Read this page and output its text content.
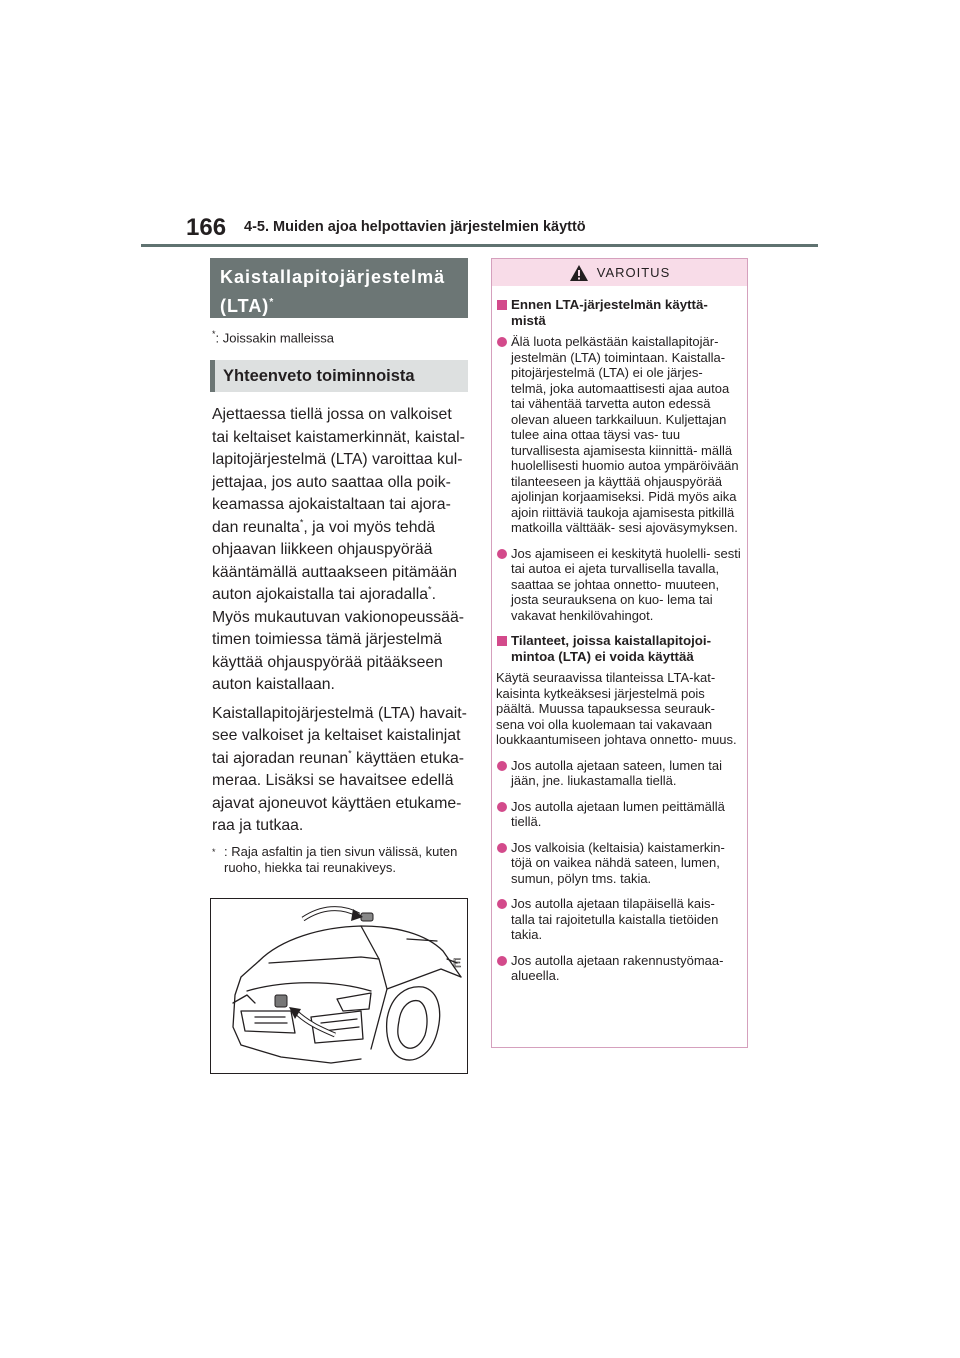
166 4-5. Muiden ajoa helpottavien järjestelmien käyttö
Kaistallapitojärjestelmä (LTA)*
*: Joissakin malleissa
Yhteenveto toiminnoista

Ajettaessa tiellä jossa on valkoiset tai keltaiset kaistamerkinnät, kaistal- lapitojärjestelmä (LTA) varoittaa kul- jettajaa, jos auto saattaa olla poik- keamassa ajokaistaltaan tai ajora- dan reunalta*, ja voi myös tehdä ohjaavan liikkeen ohjauspyörää kääntämällä auttaakseen pitämään auton ajokaistalla tai ajoradalla*. Myös mukautuvan vakionopeussää- timen toimiessa tämä järjestelmä käyttää ohjauspyörää pitääkseen auton kaistallaan.

Kaistallapitojärjestelmä (LTA) havait- see valkoiset ja keltaiset kaistalinjat tai ajoradan reunan* käyttäen etuka- meraa. Lisäksi se havaitsee edellä ajavat ajoneuvot käyttäen etukame- raa ja tutkaa.

* : Raja asfaltin ja tien sivun välissä, kuten ruoho, hiekka tai reunakiveys.
E
VAROITUS
Ennen LTA-järjestelmän käyttä- mistä
Älä luota pelkästään kaistallapitojär- jestelmän (LTA) toimintaan. Kaistalla- pitojärjestelmä (LTA) ei ole järjes- telmä, joka automaattisesti ajaa autoa tai vähentää tarvetta auton edessä olevan alueen tarkkailuun. Kuljettajan tulee aina ottaa täysi vas- tuu turvallisesta ajamisesta kiinnittä- mällä huolellisesti huomio autoa ympäröivään tilanteeseen ja käyttää ohjauspyörää ajolinjan korjaamiseksi. Pidä myös aika ajoin riittäviä taukoja ajamisesta pitkillä matkoilla välttääk- sesi ajoväsymyksen.
Jos ajamiseen ei keskitytä huolelli- sesti tai autoa ei ajeta turvallisella tavalla, saattaa se johtaa onnetto- muuteen, josta seurauksena on kuo- lema tai vakavat henkilövahingot.
Tilanteet, joissa kaistallapitojoi- mintoa (LTA) ei voida käyttää
Käytä seuraavissa tilanteissa LTA-kat- kaisinta kytkeäksesi järjestelmä pois päältä. Muussa tapauksessa seurauk- sena voi olla kuolemaan tai vakavaan loukkaantumiseen johtava onnetto- muus.
Jos autolla ajetaan sateen, lumen tai jään, jne. liukastamalla tiellä.
Jos autolla ajetaan lumen peittämällä tiellä.
Jos valkoisia (keltaisia) kaistamerkin- töjä on vaikea nähdä sateen, lumen, sumun, pölyn tms. takia.
Jos autolla ajetaan tilapäisellä kais- talla tai rajoitetulla kaistalla tietöiden takia.
Jos autolla ajetaan rakennustyömaa- alueella.
